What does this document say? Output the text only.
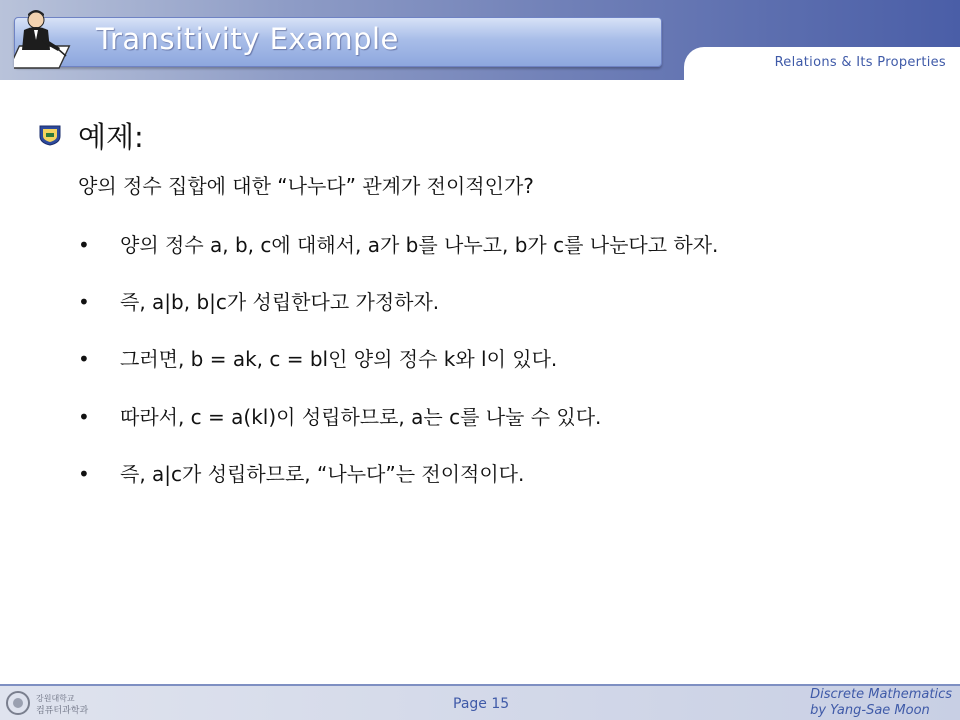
Transitivity Example
Relations & Its Properties
예제:
양의 정수 집합에 대한 “나누다” 관계가 전이적인가?
• 양의 정수 a, b, c에 대해서, a가 b를 나누고, b가 c를 나눈다고 하자.
• 즉, a|b, b|c가 성립한다고 가정하자.
• 그러면, b = ak, c = bl인 양의 정수 k와 l이 있다.
• 따라서, c = a(kl)이 성립하므로, a는 c를 나눌 수 있다.
• 즉, a|c가 성립하므로, “나누다”는 전이적이다.
강원대학교
컴퓨터과학과	Page 15
Discrete Mathematics
by Yang-Sae Moon
